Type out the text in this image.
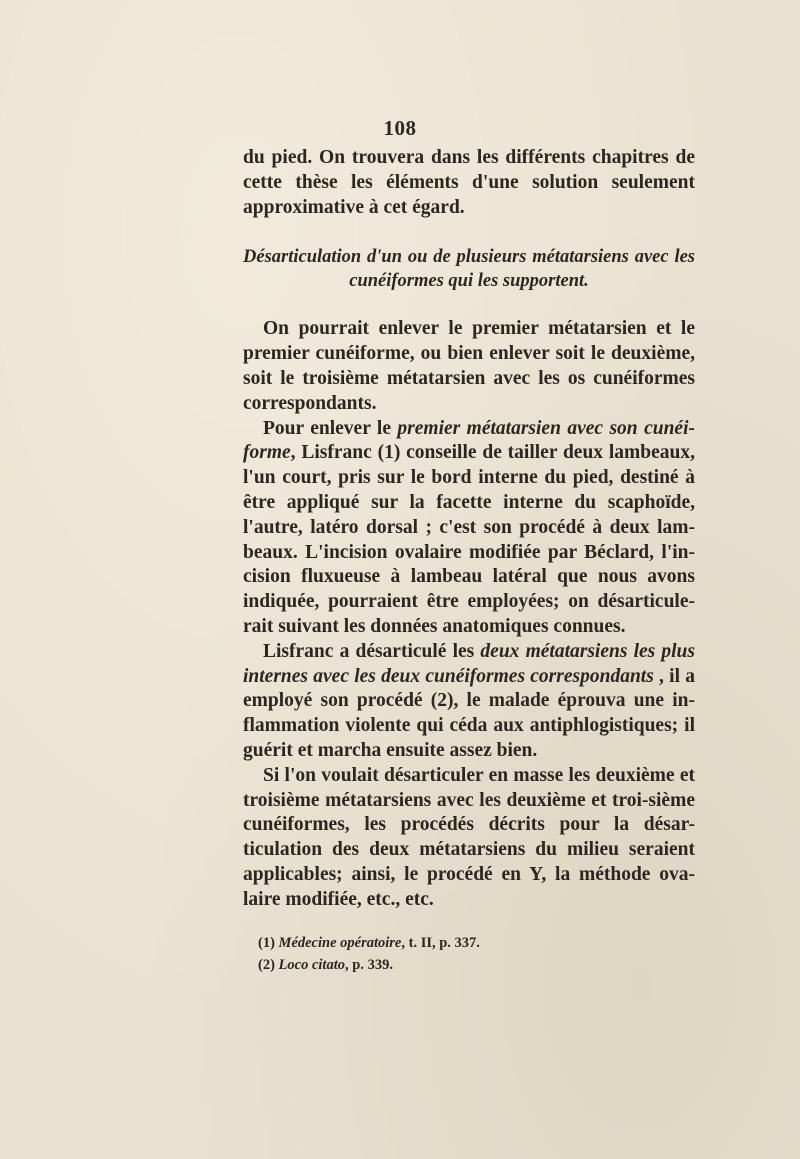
108

du pied. On trouvera dans les différents chapitres de cette thèse les éléments d'une solution seulement approximative à cet égard.

Désarticulation d'un ou de plusieurs métatarsiens avec les
cunéiformes qui les supportent.

On pourrait enlever le premier métatarsien et le premier cunéiforme, ou bien enlever soit le deuxième, soit le troisième métatarsien avec les os cunéiformes correspondants.

Pour enlever le premier métatarsien avec son cunéi-forme, Lisfranc (1) conseille de tailler deux lambeaux, l'un court, pris sur le bord interne du pied, destiné à être appliqué sur la facette interne du scaphoïde, l'autre, latéro dorsal ; c'est son procédé à deux lam-beaux. L'incision ovalaire modifiée par Béclard, l'in-cision fluxueuse à lambeau latéral que nous avons indiquée, pourraient être employées; on désarticule-rait suivant les données anatomiques connues.

Lisfranc a désarticulé les deux métatarsiens les plus internes avec les deux cunéiformes correspondants , il a employé son procédé (2), le malade éprouva une in-flammation violente qui céda aux antiphlogistiques; il guérit et marcha ensuite assez bien.

Si l'on voulait désarticuler en masse les deuxième et troisième métatarsiens avec les deuxième et troi-sième cunéiformes, les procédés décrits pour la désar-ticulation des deux métatarsiens du milieu seraient applicables; ainsi, le procédé en Y, la méthode ova-laire modifiée, etc., etc.

(1) Médecine opératoire, t. II, p. 337.

(2) Loco citato, p. 339.
